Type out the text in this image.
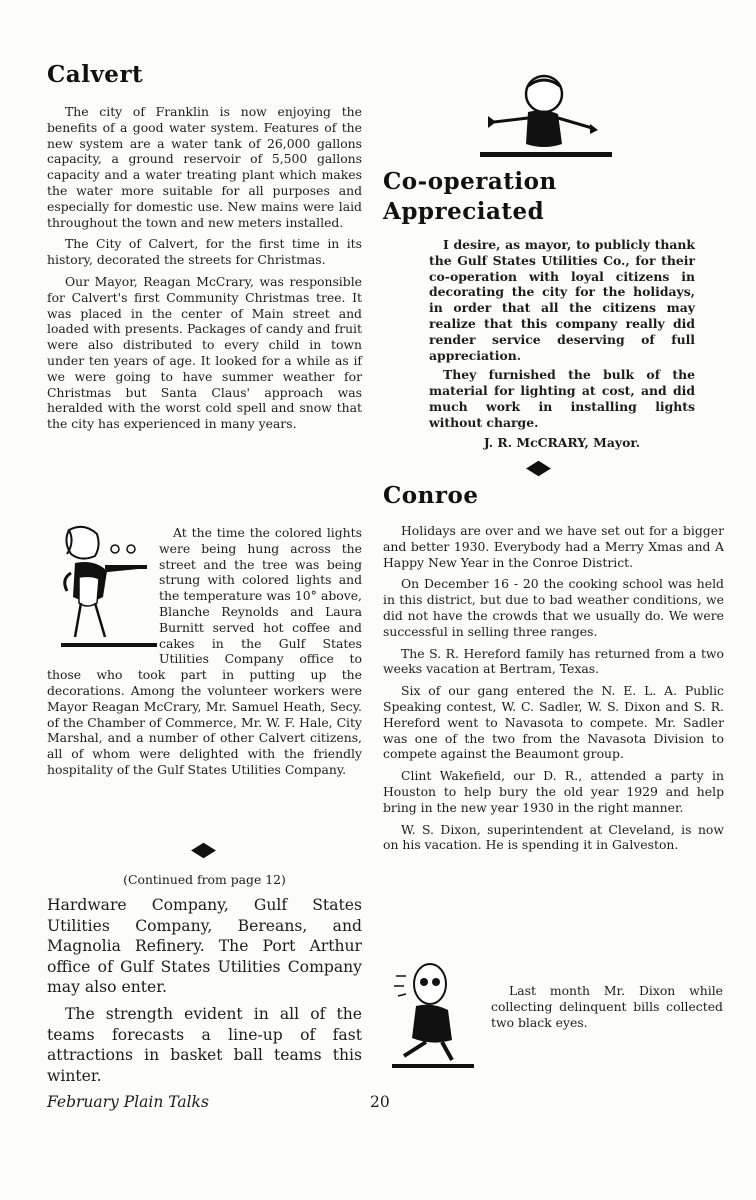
Calvert

The city of Franklin is now enjoying the benefits of a good water system. Features of the new system are a water tank of 26,000 gallons capacity, a ground reservoir of 5,500 gallons capacity and a water treating plant which makes the water more suitable for all purposes and especially for domestic use. New mains were laid throughout the town and new meters installed.

The City of Calvert, for the first time in its history, decorated the streets for Christmas.

Our Mayor, Reagan McCrary, was responsible for Calvert's first Community Christmas tree. It was placed in the center of Main street and loaded with presents. Packages of candy and fruit were also distributed to every child in town under ten years of age. It looked for a while as if we were going to have summer weather for Christmas but Santa Claus' approach was heralded with the worst cold spell and snow that the city has experienced in many years.

At the time the colored lights were being hung across the street and the tree was being strung with colored lights and the temperature was 10° above, Blanche Reynolds and Laura Burnitt served hot coffee and cakes in the Gulf States Utilities Company office to those who took part in putting up the decorations. Among the volunteer workers were Mayor Reagan McCrary, Mr. Samuel Heath, Secy. of the Chamber of Commerce, Mr. W. F. Hale, City Marshal, and a number of other Calvert citizens, all of whom were delighted with the friendly hospitality of the Gulf States Utilities Company.

(Continued from page 12)

Hardware Company, Gulf States Utilities Company, Bereans, and Magnolia Refinery. The Port Arthur office of Gulf States Utilities Company may also enter.

The strength evident in all of the teams forecasts a line-up of fast attractions in basket ball teams this winter.

Co-operation
Appreciated

I desire, as mayor, to publicly thank the Gulf States Utilities Co., for their co-operation with loyal citizens in decorating the city for the holidays, in order that all the citizens may realize that this company really did render service deserving of full appreciation.

They furnished the bulk of the material for lighting at cost, and did much work in installing lights without charge.

J. R. McCRARY, Mayor.
Conroe

Holidays are over and we have set out for a bigger and better 1930. Everybody had a Merry Xmas and A Happy New Year in the Conroe District.

On December 16 - 20 the cooking school was held in this district, but due to bad weather conditions, we did not have the crowds that we usually do. We were successful in selling three ranges.

The S. R. Hereford family has returned from a two weeks vacation at Bertram, Texas.

Six of our gang entered the N. E. L. A. Public Speaking contest, W. C. Sadler, W. S. Dixon and S. R. Hereford went to Navasota to compete. Mr. Sadler was one of the two from the Navasota Division to compete against the Beaumont group.

Clint Wakefield, our D. R., attended a party in Houston to help bury the old year 1929 and help bring in the new year 1930 in the right manner.

W. S. Dixon, superintendent at Cleveland, is now on his vacation. He is spending it in Galveston.

Last month Mr. Dixon while collecting delinquent bills collected two black eyes.

February Plain Talks	20
